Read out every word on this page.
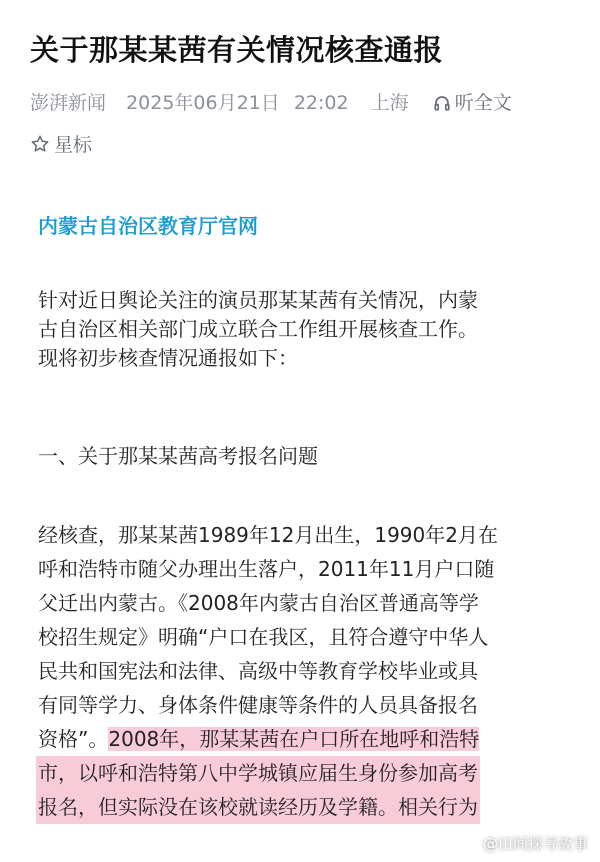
关于那某某茜有关情况核查通报
澎湃新闻 2025年06月21日 22:02 上海 听全文
星标
内蒙古自治区教育厅官网
针对近日舆论关注的演员那某某茜有关情况，内蒙
古自治区相关部门成立联合工作组开展核查工作。
现将初步核查情况通报如下：
一、关于那某某茜高考报名问题
经核查，那某某茜1989年12月出生，1990年2月在
呼和浩特市随父办理出生落户，2011年11月户口随
父迁出内蒙古。《2008年内蒙古自治区普通高等学
校招生规定》明确“户口在我区，且符合遵守中华人
民共和国宪法和法律、高级中等教育学校毕业或具
有同等学力、身体条件健康等条件的人员具备报名
资格”。2008年，那某某茜在户口所在地呼和浩特
市，以呼和浩特第八中学城镇应届生身份参加高考
报名，但实际没在该校就读经历及学籍。相关行为
@田间探寻故事
